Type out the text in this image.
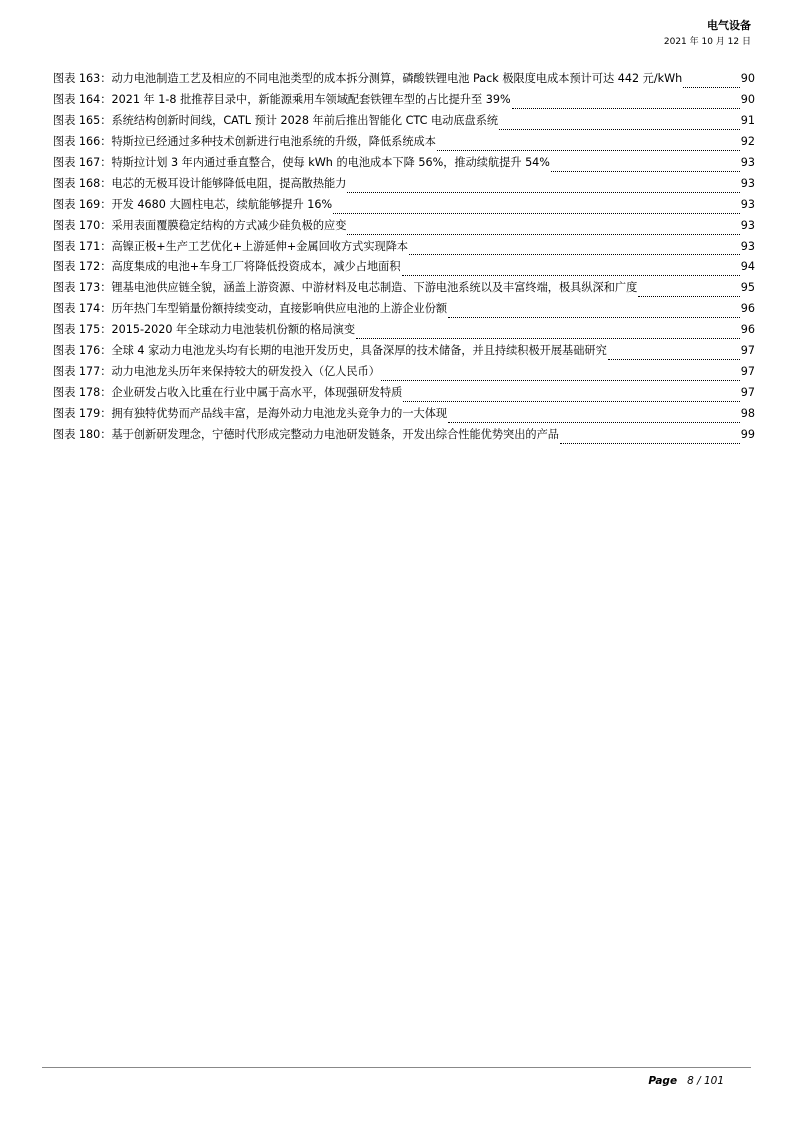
电气设备
2021 年 10 月 12 日
图表 163： 动力电池制造工艺及相应的不同电池类型的成本拆分测算，磷酸铁锂电池 Pack 极限度电成本预计可达 442 元/kWh	90
图表 164： 2021 年 1-8 批推荐目录中，新能源乘用车领域配套铁锂车型的占比提升至 39%	90
图表 165： 系统结构创新时间线，CATL 预计 2028 年前后推出智能化 CTC 电动底盘系统	91
图表 166： 特斯拉已经通过多种技术创新进行电池系统的升级，降低系统成本	92
图表 167： 特斯拉计划 3 年内通过垂直整合，使每 kWh 的电池成本下降 56%，推动续航提升 54%	93
图表 168： 电芯的无极耳设计能够降低电阻，提高散热能力	93
图表 169： 开发 4680 大圆柱电芯，续航能够提升 16%	93
图表 170： 采用表面覆膜稳定结构的方式减少硅负极的应变	93
图表 171： 高镍正极+生产工艺优化+上游延伸+金属回收方式实现降本	93
图表 172： 高度集成的电池+车身工厂将降低投资成本，减少占地面积	94
图表 173： 锂基电池供应链全貌，涵盖上游资源、中游材料及电芯制造、下游电池系统以及丰富终端，极具纵深和广度	95
图表 174： 历年热门车型销量份额持续变动，直接影响供应电池的上游企业份额	96
图表 175： 2015-2020 年全球动力电池装机份额的格局演变	96
图表 176： 全球 4 家动力电池龙头均有长期的电池开发历史，具备深厚的技术储备，并且持续积极开展基础研究	97
图表 177： 动力电池龙头历年来保持较大的研发投入（亿人民币）	97
图表 178： 企业研发占收入比重在行业中属于高水平，体现强研发特质	97
图表 179： 拥有独特优势而产品线丰富，是海外动力电池龙头竞争力的一大体现	98
图表 180： 基于创新研发理念，宁德时代形成完整动力电池研发链条，开发出综合性能优势突出的产品	99
Page 8 / 101
